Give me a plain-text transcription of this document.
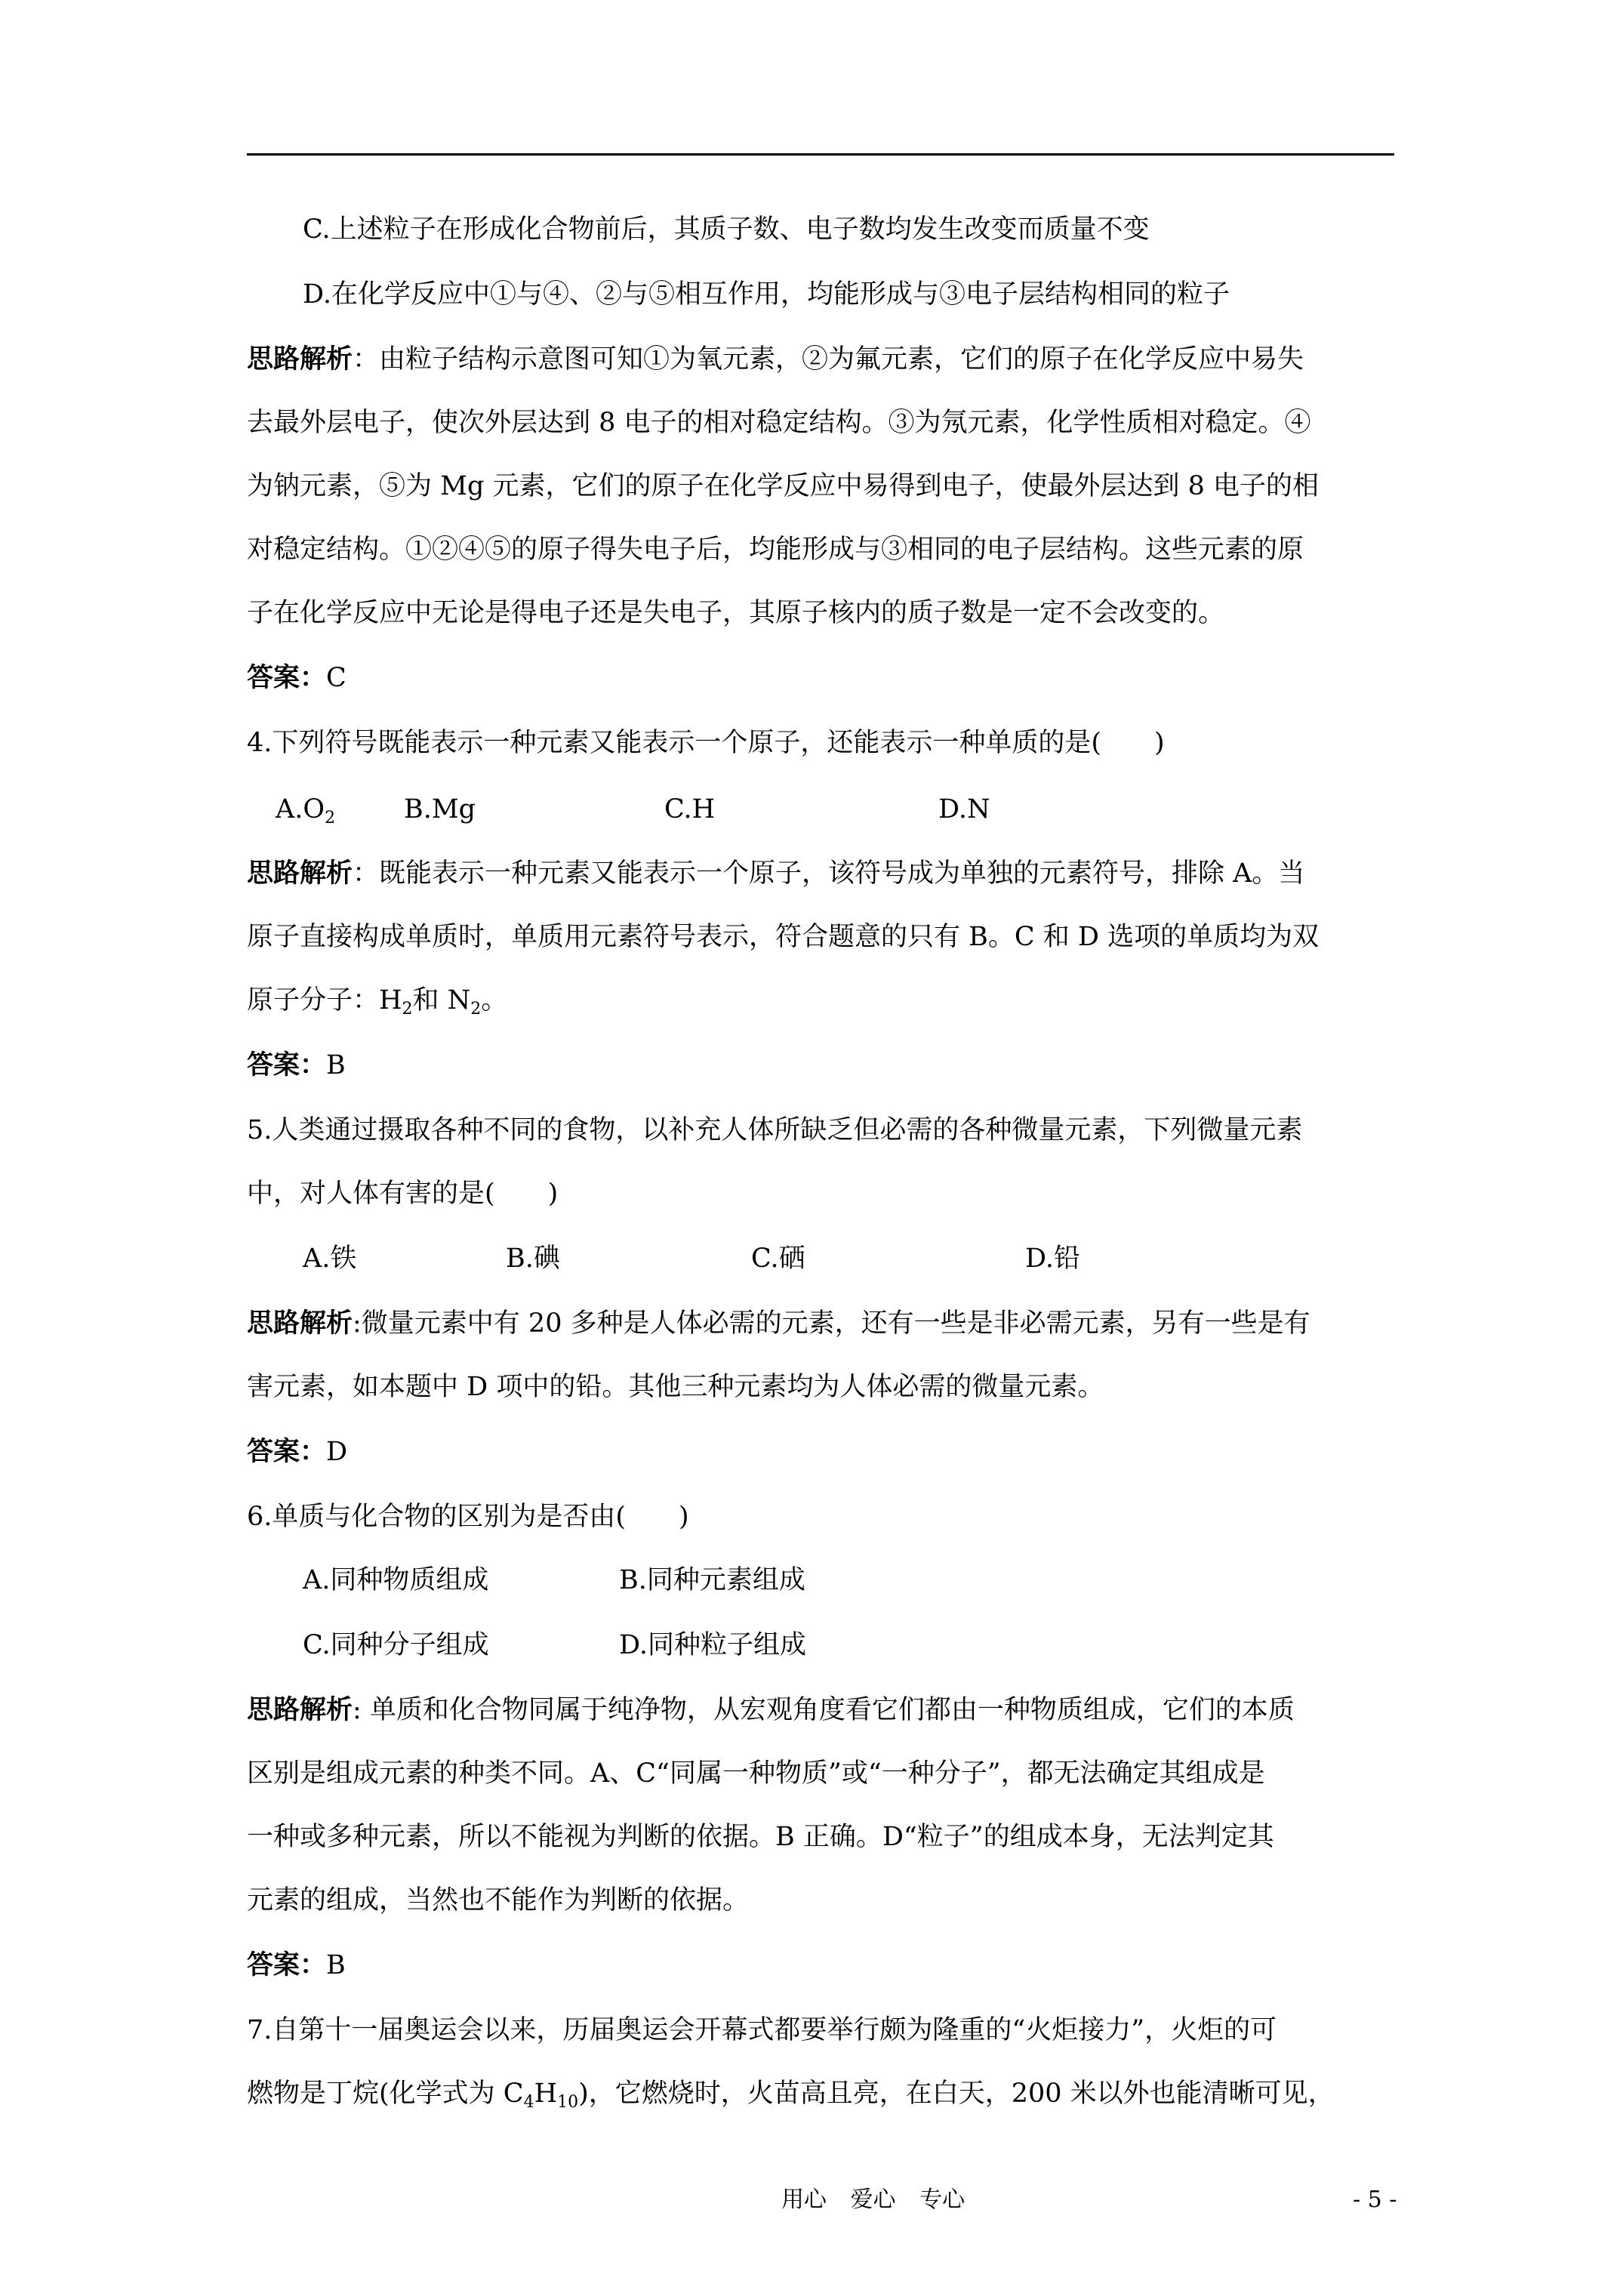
C.上述粒子在形成化合物前后，其质子数、电子数均发生改变而质量不变
D.在化学反应中①与④、②与⑤相互作用，均能形成与③电子层结构相同的粒子
思路解析：由粒子结构示意图可知①为氧元素，②为氟元素，它们的原子在化学反应中易失
去最外层电子，使次外层达到 8 电子的相对稳定结构。③为氖元素，化学性质相对稳定。④
为钠元素，⑤为 Mg 元素，它们的原子在化学反应中易得到电子，使最外层达到 8 电子的相
对稳定结构。①②④⑤的原子得失电子后，均能形成与③相同的电子层结构。这些元素的原
子在化学反应中无论是得电子还是失电子，其原子核内的质子数是一定不会改变的。
答案：C
4.下列符号既能表示一种元素又能表示一个原子，还能表示一种单质的是(　　)
$A.O_2$	B.Mg	C.H	D.N
思路解析：既能表示一种元素又能表示一个原子，该符号成为单独的元素符号，排除 A。当
原子直接构成单质时，单质用元素符号表示，符合题意的只有 B。C 和 D 选项的单质均为双
原子分子：$H_2$和 $N_2$。
答案：B
5.人类通过摄取各种不同的食物，以补充人体所缺乏但必需的各种微量元素，下列微量元素
中，对人体有害的是(　　)
A.铁	B.碘	C.硒	D.铅
思路解析:微量元素中有 20 多种是人体必需的元素，还有一些是非必需元素，另有一些是有
害元素，如本题中 D 项中的铅。其他三种元素均为人体必需的微量元素。
答案：D
6.单质与化合物的区别为是否由(　　)
A.同种物质组成	B.同种元素组成
C.同种分子组成	D.同种粒子组成
思路解析: 单质和化合物同属于纯净物，从宏观角度看它们都由一种物质组成，它们的本质
区别是组成元素的种类不同。A、C“同属一种物质”或“一种分子”，都无法确定其组成是
一种或多种元素，所以不能视为判断的依据。B 正确。D“粒子”的组成本身，无法判定其
元素的组成，当然也不能作为判断的依据。
答案：B
7.自第十一届奥运会以来，历届奥运会开幕式都要举行颇为隆重的“火炬接力”，火炬的可
燃物是丁烷(化学式为 $C_4H_{10}$)，它燃烧时，火苗高且亮，在白天，200 米以外也能清晰可见，
用心 爱心 专心	- 5 -
